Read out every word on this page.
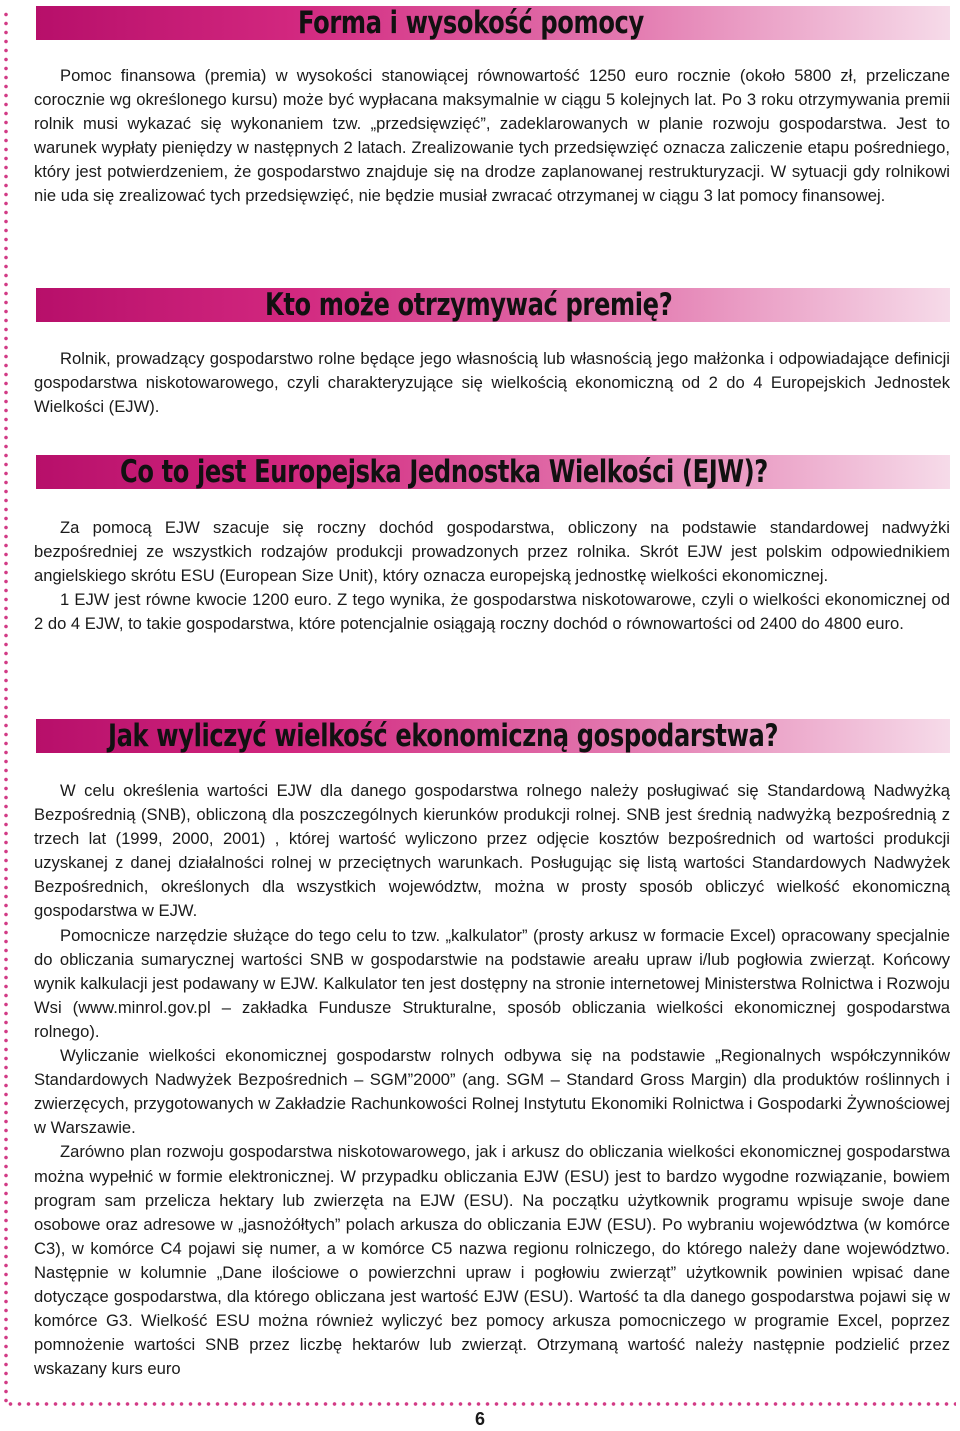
Forma i wysokość pomocy

Pomoc finansowa (premia) w wysokości stanowiącej równowartość 1250 euro rocznie (około 5800 zł, przeliczane corocznie wg określonego kursu) może być wypłacana maksymalnie w ciągu 5 kolejnych lat. Po 3 roku otrzymywania premii rolnik musi wykazać się wykonaniem tzw. „przedsięwzięć”, zadeklarowanych w planie rozwoju gospodarstwa. Jest to warunek wypłaty pieniędzy w następnych 2 latach. Zrealizowanie tych przedsięwzięć oznacza zaliczenie etapu pośredniego, który jest potwierdzeniem, że gospodarstwo znajduje się na drodze zaplanowanej restrukturyzacji. W sytuacji gdy rolnikowi nie uda się zrealizować tych przedsięwzięć, nie będzie musiał zwracać otrzymanej w ciągu 3 lat pomocy finansowej.

Kto może otrzymywać premię?

Rolnik, prowadzący gospodarstwo rolne będące jego własnością lub własnością jego małżonka i odpowiadające definicji gospodarstwa niskotowarowego, czyli charakteryzujące się wielkością ekonomiczną od 2 do 4 Europejskich Jednostek Wielkości (EJW).

Co to jest Europejska Jednostka Wielkości (EJW)?

Za pomocą EJW szacuje się roczny dochód gospodarstwa, obliczony na podstawie standardowej nadwyżki bezpośredniej ze wszystkich rodzajów produkcji prowadzonych przez rolnika. Skrót EJW jest polskim odpowiednikiem angielskiego skrótu ESU (European Size Unit), który oznacza europejską jednostkę wielkości ekonomicznej.

1 EJW jest równe kwocie 1200 euro. Z tego wynika, że gospodarstwa niskotowarowe, czyli o wielkości ekonomicznej od 2 do 4 EJW, to takie gospodarstwa, które potencjalnie osiągają roczny dochód o równowartości od 2400 do 4800 euro.

Jak wyliczyć wielkość ekonomiczną gospodarstwa?

W celu określenia wartości EJW dla danego gospodarstwa rolnego należy posługiwać się Standardową Nadwyżką Bezpośrednią (SNB), obliczoną dla poszczególnych kierunków produkcji rolnej. SNB jest średnią nadwyżką bezpośrednią z trzech lat (1999, 2000, 2001) , której wartość wyliczono przez odjęcie kosztów bezpośrednich od wartości produkcji uzyskanej z danej działalności rolnej w przeciętnych warunkach. Posługując się listą wartości Standardowych Nadwyżek Bezpośrednich, określonych dla wszystkich województw, można w prosty sposób obliczyć wielkość ekonomiczną gospodarstwa w EJW.

Pomocnicze narzędzie służące do tego celu to tzw. „kalkulator” (prosty arkusz w formacie Excel) opracowany specjalnie do obliczania sumarycznej wartości SNB w gospodarstwie na podstawie areału upraw i/lub pogłowia zwierząt. Końcowy wynik kalkulacji jest podawany w EJW. Kalkulator ten jest dostępny na stronie internetowej Ministerstwa Rolnictwa i Rozwoju Wsi (www.minrol.gov.pl – zakładka Fundusze Strukturalne, sposób obliczania wielkości ekonomicznej gospodarstwa rolnego).

Wyliczanie wielkości ekonomicznej gospodarstw rolnych odbywa się na podstawie „Regionalnych współczynników Standardowych Nadwyżek Bezpośrednich – SGM”2000” (ang. SGM – Standard Gross Margin) dla produktów roślinnych i zwierzęcych, przygotowanych w Zakładzie Rachunkowości Rolnej Instytutu Ekonomiki Rolnictwa i Gospodarki Żywnościowej w Warszawie.

Zarówno plan rozwoju gospodarstwa niskotowarowego, jak i arkusz do obliczania wielkości ekonomicznej gospodarstwa można wypełnić w formie elektronicznej. W przypadku obliczania EJW (ESU) jest to bardzo wygodne rozwiązanie, bowiem program sam przelicza hektary lub zwierzęta na EJW (ESU). Na początku użytkownik programu wpisuje swoje dane osobowe oraz adresowe w „jasnożółtych” polach arkusza do obliczania EJW (ESU). Po wybraniu województwa (w komórce C3), w komórce C4 pojawi się numer, a w komórce C5 nazwa regionu rolniczego, do którego należy dane województwo. Następnie w kolumnie „Dane ilościowe o powierzchni upraw i pogłowiu zwierząt” użytkownik powinien wpisać dane dotyczące gospodarstwa, dla którego obliczana jest wartość EJW (ESU). Wartość ta dla danego gospodarstwa pojawi się w komórce G3. Wielkość ESU można również wyliczyć bez pomocy arkusza pomocniczego w programie Excel, poprzez pomnożenie wartości SNB przez liczbę hektarów lub zwierząt. Otrzymaną wartość należy następnie podzielić przez wskazany kurs euro

6
